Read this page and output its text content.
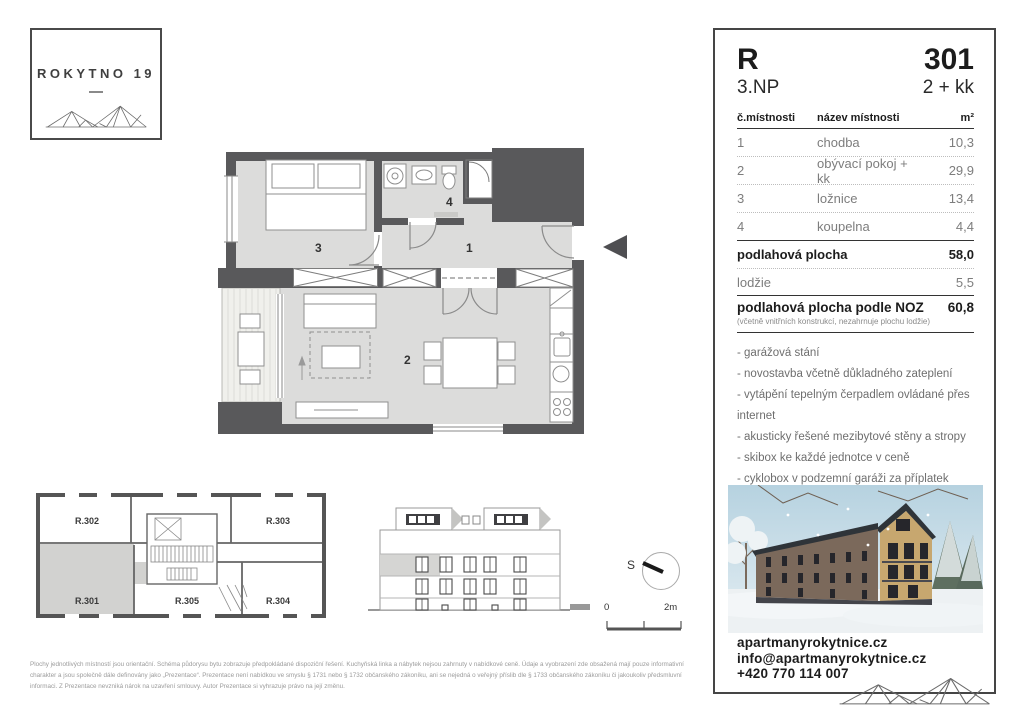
ROKYTNO 19
1
2
3
4
R.302	R.303
R.301	R.305	R.304
S
0	2m
R	301
3.NP	2 + kk
č.místnosti	název místnosti	m²
1	chodba	10,3
2	obývací pokoj + kk	29,9
3	ložnice	13,4
4	koupelna	4,4
podlahová plocha	58,0
lodžie	5,5
podlahová plocha podle NOZ 60,8
(včetně vnitřních konstrukcí, nezahrnuje plochu lodžie)
- garážová stání
- novostavba včetně důkladného zateplení
- vytápění tepelným čerpadlem ovládané přes internet
- akusticky řešené mezibytové stěny a stropy
- skibox ke každé jednotce v ceně
- cyklobox v podzemní garáži za příplatek
apartmanyrokytnice.cz
info@apartmanyrokytnice.cz
+420 770 114 007
Plochy jednotlivých místností jsou orientační. Schéma půdorysu bytu zobrazuje předpokládané dispoziční řešení. Kuchyňská linka a nábytek nejsou zahrnuty v nabídkové ceně. Údaje a vyobrazení zde obsažená mají pouze informativní
charakter a jsou společně dále definovány jako „Prezentace“. Prezentace není nabídkou ve smyslu § 1731 nebo § 1732 občanského zákoníku, ani se nejedná o veřejný příslib dle § 1733 občanského zákoníku či jakoukoliv předsmluvní
informaci. Z Prezentace nevzniká nárok na uzavření smlouvy. Autor Prezentace si vyhrazuje právo na její změnu.
